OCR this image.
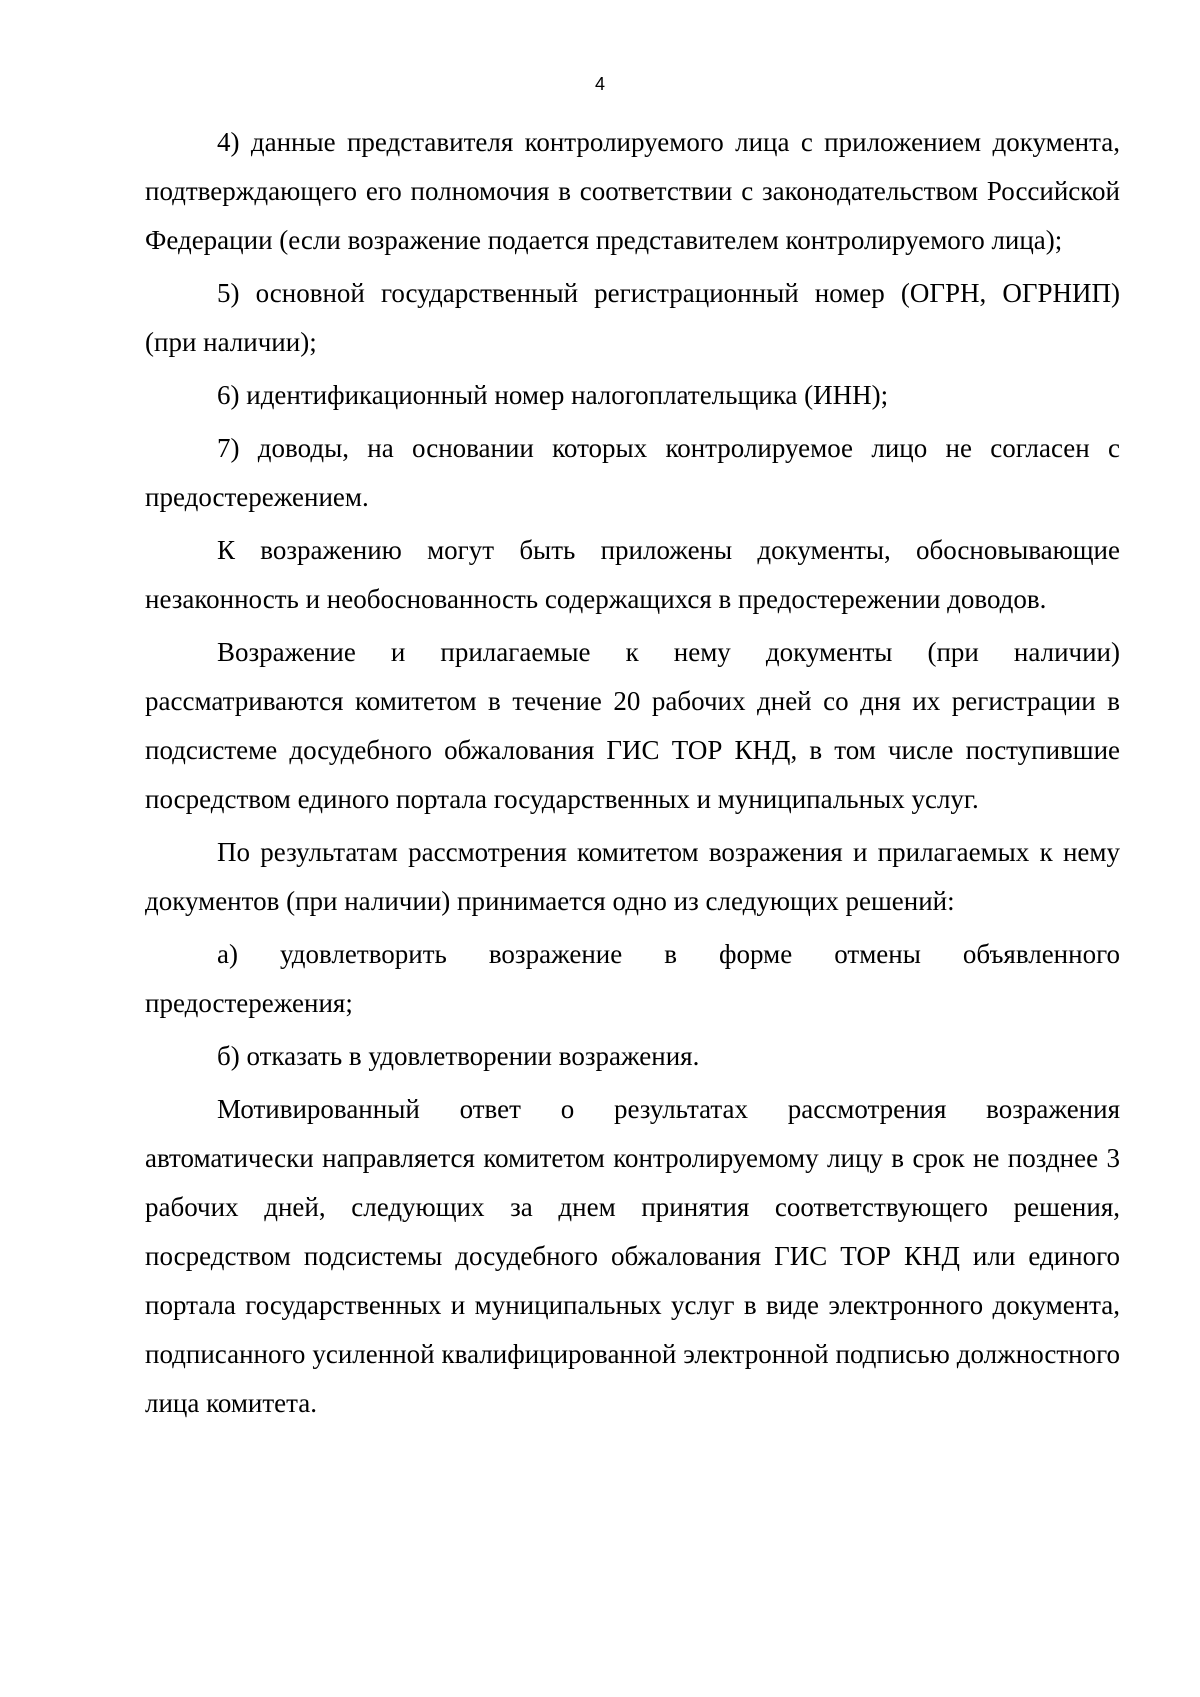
4

4) данные представителя контролируемого лица с приложением документа, подтверждающего его полномочия в соответствии с законодательством Российской Федерации (если возражение подается представителем контролируемого лица);

5) основной государственный регистрационный номер (ОГРН, ОГРНИП) (при наличии);

6) идентификационный номер налогоплательщика (ИНН);

7) доводы, на основании которых контролируемое лицо не согласен с предостережением.

К возражению могут быть приложены документы, обосновывающие незаконность и необоснованность содержащихся в предостережении доводов.

Возражение и прилагаемые к нему документы (при наличии) рассматриваются комитетом в течение 20 рабочих дней со дня их регистрации в подсистеме досудебного обжалования ГИС ТОР КНД, в том числе поступившие посредством единого портала государственных и муниципальных услуг.

По результатам рассмотрения комитетом возражения и прилагаемых к нему документов (при наличии) принимается одно из следующих решений:

а) удовлетворить возражение в форме отмены объявленного предостережения;

б) отказать в удовлетворении возражения.

Мотивированный ответ о результатах рассмотрения возражения автоматически направляется комитетом контролируемому лицу в срок не позднее 3 рабочих дней, следующих за днем принятия соответствующего решения, посредством подсистемы досудебного обжалования ГИС ТОР КНД или единого портала государственных и муниципальных услуг в виде электронного документа, подписанного усиленной квалифицированной электронной подписью должностного лица комитета.
